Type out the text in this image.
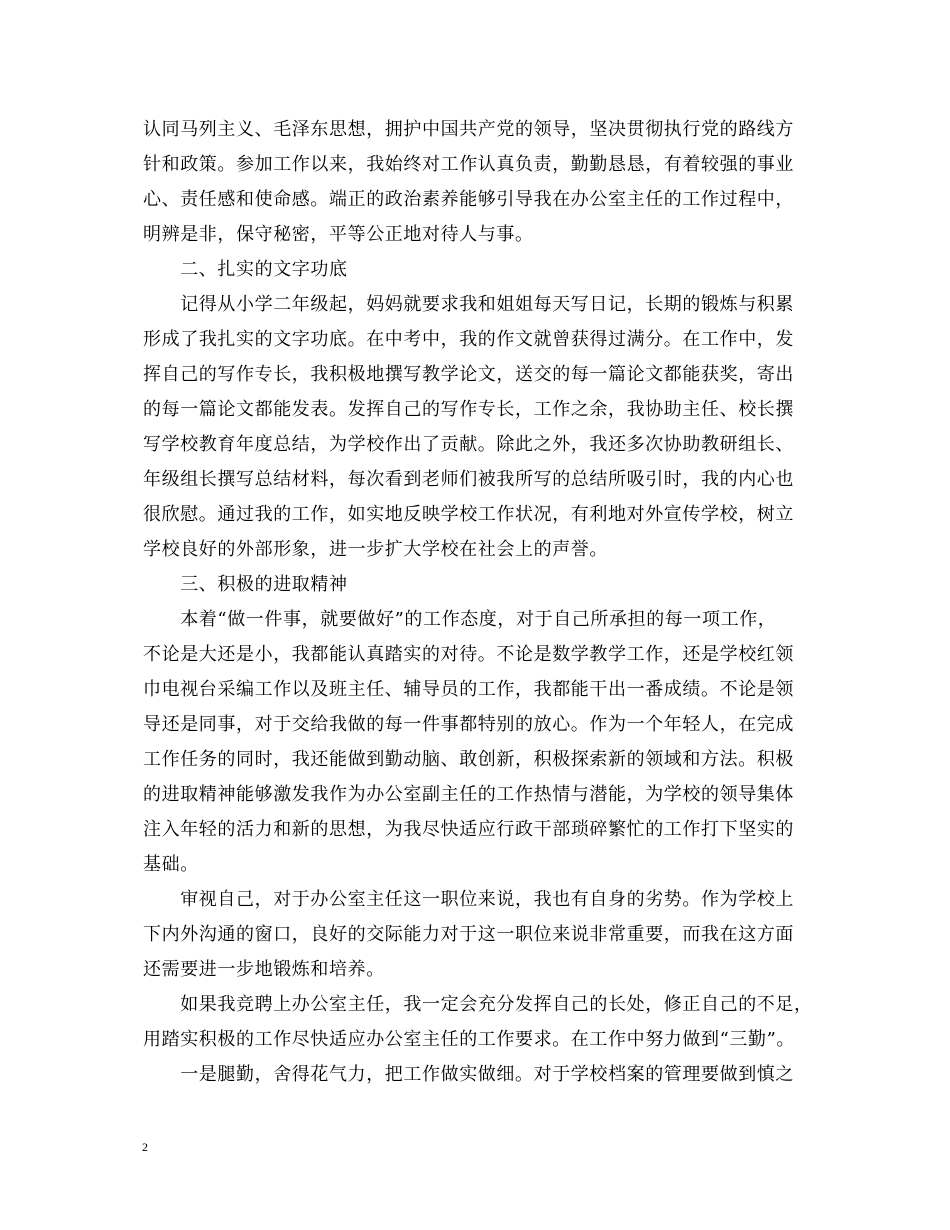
认同马列主义、毛泽东思想，拥护中国共产党的领导，坚决贯彻执行党的路线方
针和政策。参加工作以来，我始终对工作认真负责，勤勤恳恳，有着较强的事业
心、责任感和使命感。端正的政治素养能够引导我在办公室主任的工作过程中，
明辨是非，保守秘密，平等公正地对待人与事。
　　二、扎实的文字功底
　　记得从小学二年级起，妈妈就要求我和姐姐每天写日记，长期的锻炼与积累
形成了我扎实的文字功底。在中考中，我的作文就曾获得过满分。在工作中，发
挥自己的写作专长，我积极地撰写教学论文，送交的每一篇论文都能获奖，寄出
的每一篇论文都能发表。发挥自己的写作专长，工作之余，我协助主任、校长撰
写学校教育年度总结，为学校作出了贡献。除此之外，我还多次协助教研组长、
年级组长撰写总结材料，每次看到老师们被我所写的总结所吸引时，我的内心也
很欣慰。通过我的工作，如实地反映学校工作状况，有利地对外宣传学校，树立
学校良好的外部形象，进一步扩大学校在社会上的声誉。
　　三、积极的进取精神
　　本着“做一件事，就要做好”的工作态度，对于自己所承担的每一项工作，
不论是大还是小，我都能认真踏实的对待。不论是数学教学工作，还是学校红领
巾电视台采编工作以及班主任、辅导员的工作，我都能干出一番成绩。不论是领
导还是同事，对于交给我做的每一件事都特别的放心。作为一个年轻人，在完成
工作任务的同时，我还能做到勤动脑、敢创新，积极探索新的领域和方法。积极
的进取精神能够激发我作为办公室副主任的工作热情与潜能，为学校的领导集体
注入年轻的活力和新的思想，为我尽快适应行政干部琐碎繁忙的工作打下坚实的
基础。
　　审视自己，对于办公室主任这一职位来说，我也有自身的劣势。作为学校上
下内外沟通的窗口，良好的交际能力对于这一职位来说非常重要，而我在这方面
还需要进一步地锻炼和培养。
　　如果我竞聘上办公室主任，我一定会充分发挥自己的长处，修正自己的不足，
用踏实积极的工作尽快适应办公室主任的工作要求。在工作中努力做到“三勤”。
　　一是腿勤，舍得花气力，把工作做实做细。对于学校档案的管理要做到慎之
2
